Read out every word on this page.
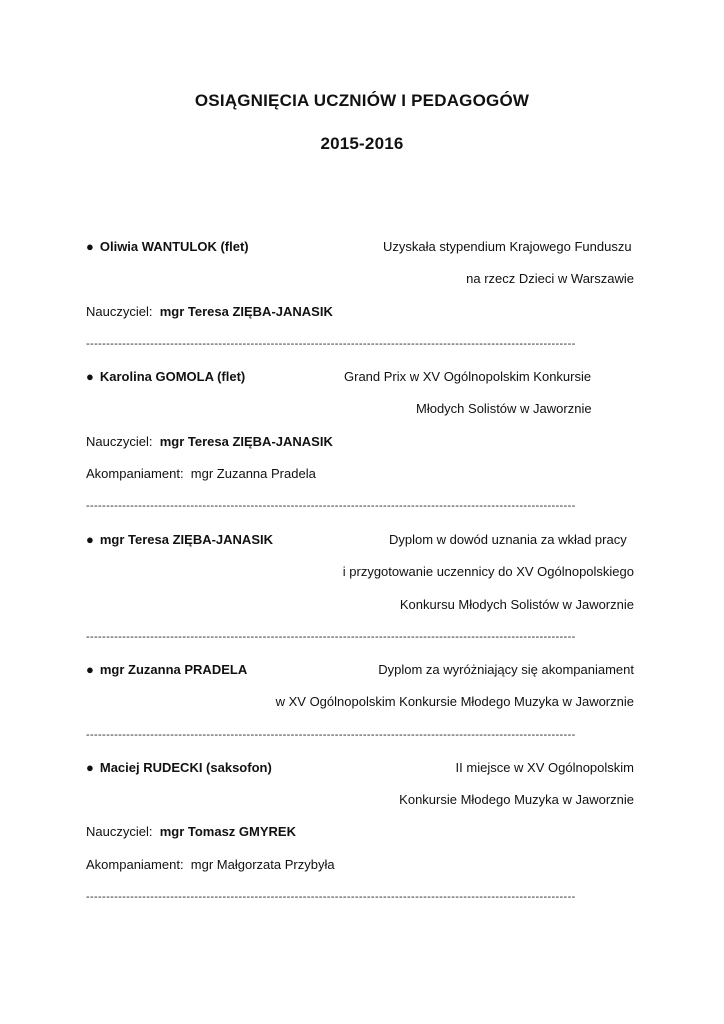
OSIĄGNIĘCIA UCZNIÓW I PEDAGOGÓW
2015-2016
● Oliwia WANTULOK (flet)	Uzyskała stypendium Krajowego Funduszu
na rzecz Dzieci w Warszawie
Nauczyciel: mgr Teresa ZIĘBA-JANASIK
--------------------------------------------------------------------------------------------------------------------------
● Karolina GOMOLA (flet)	Grand Prix w XV Ogólnopolskim Konkursie
Młodych Solistów w Jaworznie
Nauczyciel: mgr Teresa ZIĘBA-JANASIK
Akompaniament: mgr Zuzanna Pradela
--------------------------------------------------------------------------------------------------------------------------
● mgr Teresa ZIĘBA-JANASIK	Dyplom w dowód uznania za wkład pracy
i przygotowanie uczennicy do XV Ogólnopolskiego
Konkursu Młodych Solistów w Jaworznie
--------------------------------------------------------------------------------------------------------------------------
● mgr Zuzanna PRADELA	Dyplom za wyróżniający się akompaniament
w XV Ogólnopolskim Konkursie Młodego Muzyka w Jaworznie
--------------------------------------------------------------------------------------------------------------------------
● Maciej RUDECKI (saksofon)	II miejsce w XV Ogólnopolskim
Konkursie Młodego Muzyka w Jaworznie
Nauczyciel: mgr Tomasz GMYREK
Akompaniament: mgr Małgorzata Przybyła
--------------------------------------------------------------------------------------------------------------------------
